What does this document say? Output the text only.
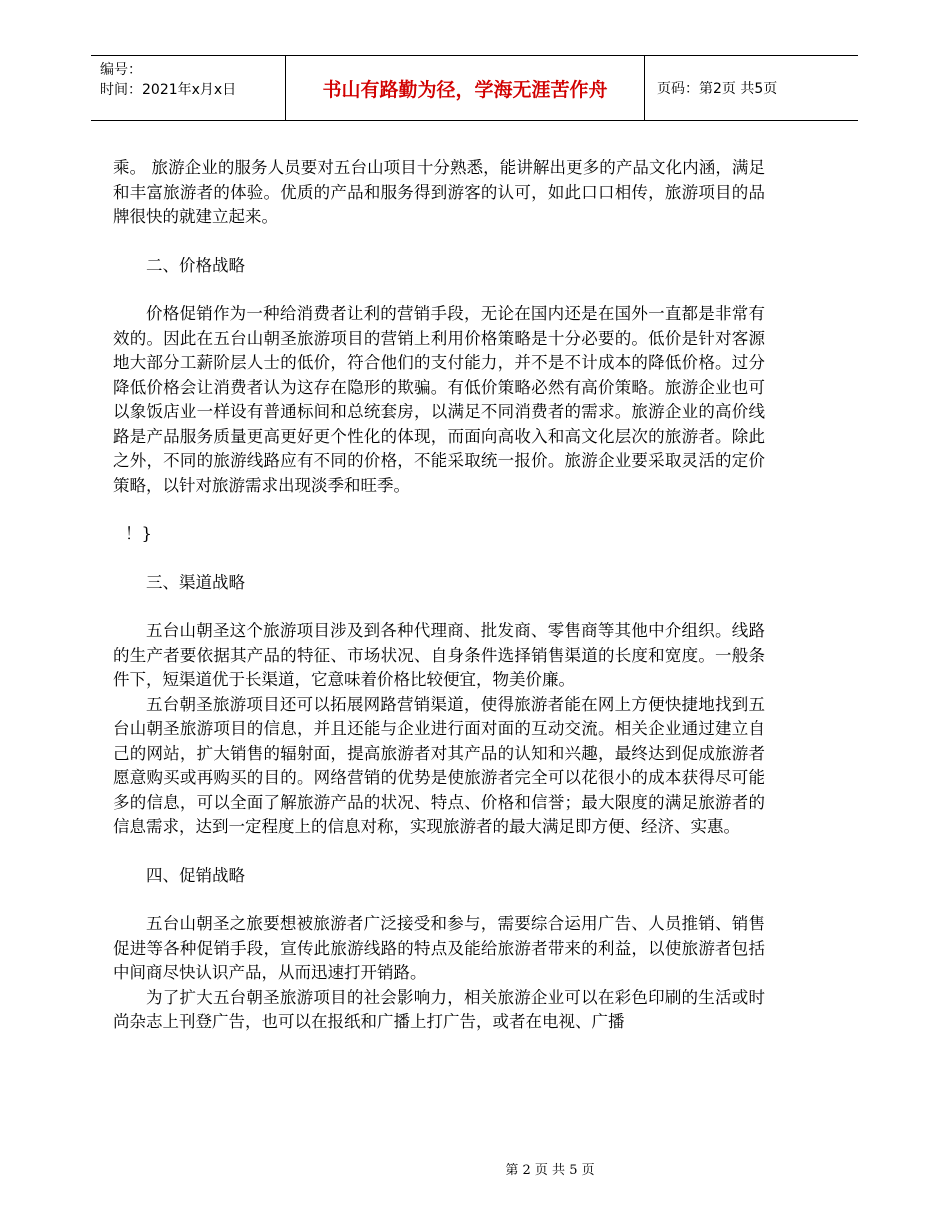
编号：
时间：2021年x月x日	书山有路勤为径，学海无涯苦作舟	页码：第2页 共5页

乘。 旅游企业的服务人员要对五台山项目十分熟悉，能讲解出更多的产品文化内涵，满足和丰富旅游者的体验。优质的产品和服务得到游客的认可，如此口口相传，旅游项目的品牌很快的就建立起来。

二、价格战略

价格促销作为一种给消费者让利的营销手段，无论在国内还是在国外一直都是非常有效的。因此在五台山朝圣旅游项目的营销上利用价格策略是十分必要的。低价是针对客源地大部分工薪阶层人士的低价，符合他们的支付能力，并不是不计成本的降低价格。过分降低价格会让消费者认为这存在隐形的欺骗。有低价策略必然有高价策略。旅游企业也可以象饭店业一样设有普通标间和总统套房，以满足不同消费者的需求。旅游企业的高价线路是产品服务质量更高更好更个性化的体现，而面向高收入和高文化层次的旅游者。除此之外，不同的旅游线路应有不同的价格，不能采取统一报价。旅游企业要采取灵活的定价策略，以针对旅游需求出现淡季和旺季。

！}

三、渠道战略

五台山朝圣这个旅游项目涉及到各种代理商、批发商、零售商等其他中介组织。线路的生产者要依据其产品的特征、市场状况、自身条件选择销售渠道的长度和宽度。一般条件下，短渠道优于长渠道，它意味着价格比较便宜，物美价廉。

五台朝圣旅游项目还可以拓展网路营销渠道，使得旅游者能在网上方便快捷地找到五台山朝圣旅游项目的信息，并且还能与企业进行面对面的互动交流。相关企业通过建立自己的网站，扩大销售的辐射面，提高旅游者对其产品的认知和兴趣，最终达到促成旅游者愿意购买或再购买的目的。网络营销的优势是使旅游者完全可以花很小的成本获得尽可能多的信息，可以全面了解旅游产品的状况、特点、价格和信誉；最大限度的满足旅游者的信息需求，达到一定程度上的信息对称，实现旅游者的最大满足即方便、经济、实惠。

四、促销战略

五台山朝圣之旅要想被旅游者广泛接受和参与，需要综合运用广告、人员推销、销售促进等各种促销手段，宣传此旅游线路的特点及能给旅游者带来的利益，以使旅游者包括中间商尽快认识产品，从而迅速打开销路。

为了扩大五台朝圣旅游项目的社会影响力，相关旅游企业可以在彩色印刷的生活或时尚杂志上刊登广告，也可以在报纸和广播上打广告，或者在电视、广播

第 2 页 共 5 页
